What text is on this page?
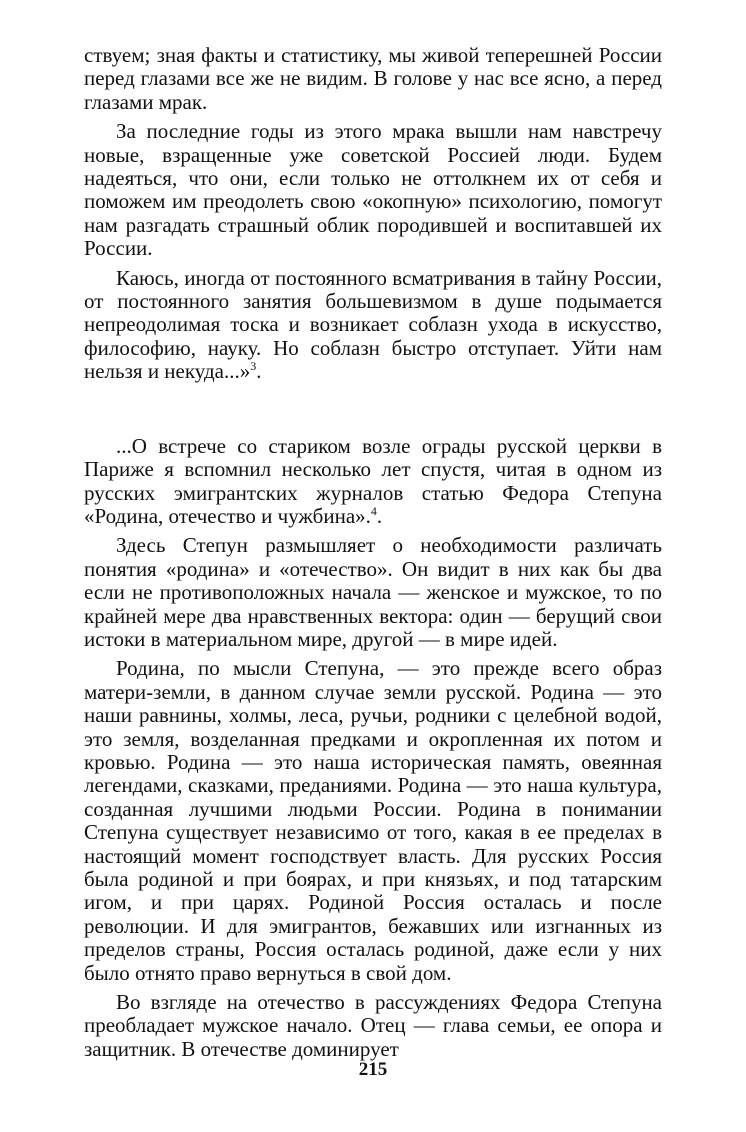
ствуем; зная факты и статистику, мы живой теперешней России перед глазами все же не видим. В голове у нас все ясно, а перед глазами мрак.

За последние годы из этого мрака вышли нам навстречу новые, взращенные уже советской Россией люди. Будем надеяться, что они, если только не оттолкнем их от себя и поможем им преодолеть свою «окопную» психологию, помогут нам разгадать страшный облик породившей и воспитавшей их России.

Каюсь, иногда от постоянного всматривания в тайну России, от постоянного занятия большевизмом в душе подымается непреодолимая тоска и возникает соблазн ухода в искусство, философию, науку. Но соблазн быстро отступает. Уйти нам нельзя и некуда...»$^3$.

...О встрече со стариком возле ограды русской церкви в Париже я вспомнил несколько лет спустя, читая в одном из русских эмигрантских журналов статью Федора Степуна «Родина, отечество и чужбина».$^4$.

Здесь Степун размышляет о необходимости различать понятия «родина» и «отечество». Он видит в них как бы два если не противоположных начала — женское и мужское, то по крайней мере два нравственных вектора: один — берущий свои истоки в материальном мире, другой — в мире идей.

Родина, по мысли Степуна, — это прежде всего образ матери-земли, в данном случае земли русской. Родина — это наши равнины, холмы, леса, ручьи, родники с целебной водой, это земля, возделанная предками и окропленная их потом и кровью. Родина — это наша историческая память, овеянная легендами, сказками, преданиями. Родина — это наша культура, созданная лучшими людьми России. Родина в понимании Степуна существует независимо от того, какая в ее пределах в настоящий момент господствует власть. Для русских Россия была родиной и при боярах, и при князьях, и под татарским игом, и при царях. Родиной Россия осталась и после революции. И для эмигрантов, бежавших или изгнанных из пределов страны, Россия осталась родиной, даже если у них было отнято право вернуться в свой дом.

Во взгляде на отечество в рассуждениях Федора Степуна преобладает мужское начало. Отец — глава семьи, ее опора и защитник. В отечестве доминирует

215
